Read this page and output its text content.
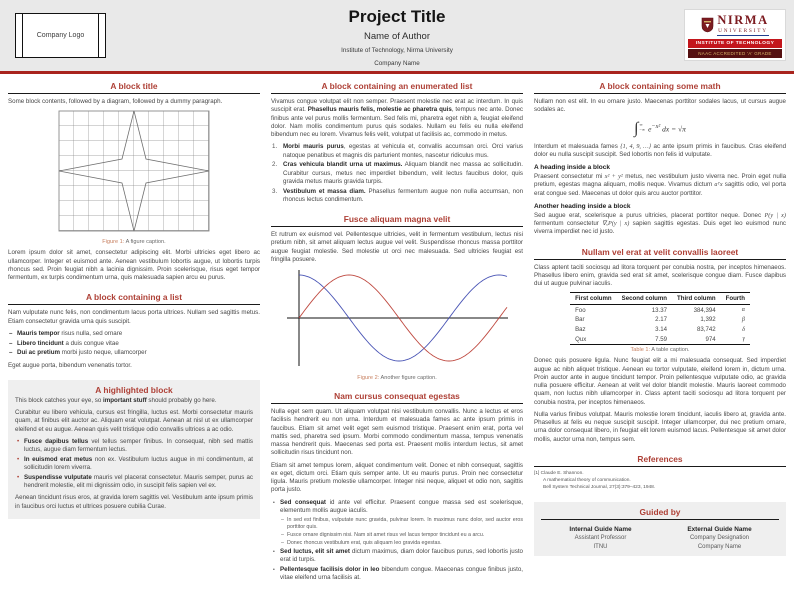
Company Logo
Project Title
Name of Author
Institute of Technology, Nirma University
Company Name
NIRMA
UNIVERSITY
INSTITUTE OF TECHNOLOGY
NAAC ACCREDITED 'A' GRADE
A block title

Some block contents, followed by a diagram, followed by a dummy paragraph.

Figure 1: A figure caption.

Lorem ipsum dolor sit amet, consectetur adipiscing elit. Morbi ultricies eget libero ac ullamcorper. Integer et euismod ante. Aenean vestibulum lobortis augue, ut lobortis turpis rhoncus sed. Proin feugiat nibh a lacinia dignissim. Proin scelerisque, risus eget tempor fermentum, ex turpis condimentum urna, quis malesuada sapien arcu eu purus.

A block containing a list

Nam vulputate nunc felis, non condimentum lacus porta ultrices. Nullam sed sagittis metus. Etiam consectetur gravida urna quis suscipit.

– Mauris tempor risus nulla, sed ornare
– Libero tincidunt a duis congue vitae
– Dui ac pretium morbi justo neque, ullamcorper

Eget augue porta, bibendum venenatis tortor.

A highlighted block

This block catches your eye, so important stuff should probably go here.

Curabitur eu libero vehicula, cursus est fringilla, luctus est. Morbi consectetur mauris quam, at finibus elit auctor ac. Aliquam erat volutpat. Aenean at nisl ut ex ullamcorper eleifend et eu augue. Aenean quis velit tristique odio convallis ultrices a ac odio.

• Fusce dapibus tellus vel tellus semper finibus. In consequat, nibh sed mattis luctus, augue diam fermentum lectus.
• In euismod erat metus non ex. Vestibulum luctus augue in mi condimentum, at sollicitudin lorem viverra.
• Suspendisse vulputate mauris vel placerat consectetur. Mauris semper, purus ac hendrerit molestie, elit mi dignissim odio, in suscipit felis sapien vel ex.

Aenean tincidunt risus eros, at gravida lorem sagittis vel. Vestibulum ante ipsum primis in faucibus orci luctus et ultrices posuere cubilia Curae.

A block containing an enumerated list

Vivamus congue volutpat elit non semper. Praesent molestie nec erat ac interdum. In quis suscipit erat. Phasellus mauris felis, molestie ac pharetra quis, tempus nec ante. Donec finibus ante vel purus mollis fermentum. Sed felis mi, pharetra eget nibh a, feugiat eleifend dolor. Nam mollis condimentum purus quis sodales. Nullam eu felis eu nulla eleifend bibendum nec eu lorem. Vivamus felis velit, volutpat ut facilisis ac, commodo in metus.

Morbi mauris purus, egestas at vehicula et, convallis accumsan orci. Orci varius natoque penatibus et magnis dis parturient montes, nascetur ridiculus mus.
Cras vehicula blandit urna ut maximus. Aliquam blandit nec massa ac sollicitudin. Curabitur cursus, metus nec imperdiet bibendum, velit lectus faucibus dolor, quis gravida metus mauris gravida turpis.
Vestibulum et massa diam. Phasellus fermentum augue non nulla accumsan, non rhoncus lectus condimentum.
Fusce aliquam magna velit

Et rutrum ex euismod vel. Pellentesque ultricies, velit in fermentum vestibulum, lectus nisi pretium nibh, sit amet aliquam lectus augue vel velit. Suspendisse rhoncus massa porttitor augue feugiat molestie. Sed molestie ut orci nec malesuada. Sed ultricies feugiat est fringilla posuere.

Figure 2: Another figure caption.
Nam cursus consequat egestas

Nulla eget sem quam. Ut aliquam volutpat nisi vestibulum convallis. Nunc a lectus et eros facilisis hendrerit eu non urna. Interdum et malesuada fames ac ante ipsum primis in faucibus. Etiam sit amet velit eget sem euismod tristique. Praesent enim erat, porta vel mattis sed, pharetra sed ipsum. Morbi commodo condimentum massa, tempus venenatis massa hendrerit quis. Maecenas sed porta est. Praesent mollis interdum lectus, sit amet sollicitudin risus tincidunt non.

Etiam sit amet tempus lorem, aliquet condimentum velit. Donec et nibh consequat, sagittis ex eget, dictum orci. Etiam quis semper ante. Ut eu mauris purus. Proin nec consectetur ligula. Mauris pretium molestie ullamcorper. Integer nisi neque, aliquet et odio non, sagittis porta justo.

• Sed consequat id ante vel efficitur. Praesent congue massa sed est scelerisque, elementum mollis augue iaculis.
– In sed est finibus, vulputate nunc gravida, pulvinar lorem. In maximus nunc dolor, sed auctor eros porttitor quis.
– Fusce ornare dignissim nisi. Nam sit amet risus vel lacus tempor tincidunt eu a arcu.
– Donec rhoncus vestibulum erat, quis aliquam leo gravida egestas.
• Sed luctus, elit sit amet dictum maximus, diam dolor faucibus purus, sed lobortis justo erat id turpis.
• Pellentesque facilisis dolor in leo bibendum congue. Maecenas congue finibus justo, vitae eleifend urna facilisis at.
A block containing some math

Nullam non est elit. In eu ornare justo. Maecenas porttitor sodales lacus, ut cursus augue sodales ac.

∫ ∞
−∞ $e^{-x^2}$ dx = √π

Interdum et malesuada fames {1, 4, 9, …} ac ante ipsum primis in faucibus. Cras eleifend dolor eu nulla suscipit suscipit. Sed lobortis non felis id vulputate.

A heading inside a block

Praesent consectetur mi x² + y² metus, nec vestibulum justo viverra nec. Proin eget nulla pretium, egestas magna aliquam, mollis neque. Vivamus dictum aᵀx sagittis odio, vel porta erat congue sed. Maecenas ut dolor quis arcu auctor porttitor.

Another heading inside a block

Sed augue erat, scelerisque a purus ultricies, placerat porttitor neque. Donec P(y | x) fermentum consectetur ∇ₓP(y | x) sapien sagittis egestas. Duis eget leo euismod nunc viverra imperdiet nec id justo.

Nullam vel erat at velit convallis laoreet

Class aptent taciti sociosqu ad litora torquent per conubia nostra, per inceptos himenaeos. Phasellus libero enim, gravida sed erat sit amet, scelerisque congue diam. Fusce dapibus dui ut augue pulvinar iaculis.

First column	Second column	Third column	Fourth
Foo	13.37	384,394	α
Bar	2.17	1,392	β
Baz	3.14	83,742	δ
Qux	7.59	974	γ
Table 1: A table caption.

Donec quis posuere ligula. Nunc feugiat elit a mi malesuada consequat. Sed imperdiet augue ac nibh aliquet tristique. Aenean eu tortor vulputate, eleifend lorem in, dictum urna. Proin auctor ante in augue tincidunt tempor. Proin pellentesque vulputate odio, ac gravida nulla posuere efficitur. Aenean at velit vel dolor blandit molestie. Mauris laoreet commodo quam, non luctus nibh ullamcorper in. Class aptent taciti sociosqu ad litora torquent per conubia nostra, per inceptos himenaeos.

Nulla varius finibus volutpat. Mauris molestie lorem tincidunt, iaculis libero at, gravida ante. Phasellus at felis eu neque suscipit suscipit. Integer ullamcorper, dui nec pretium ornare, urna dolor consequat libero, in feugiat elit lorem euismod lacus. Pellentesque sit amet dolor mollis, auctor urna non, tempus sem.

References
[1] Claude E. Shannon.
A mathematical theory of communication.
Bell System Technical Journal, 27(3):379–423, 1948.
Guided by
Internal Guide Name
Assistant Professor
ITNU
External Guide Name
Company Designation
Company Name
